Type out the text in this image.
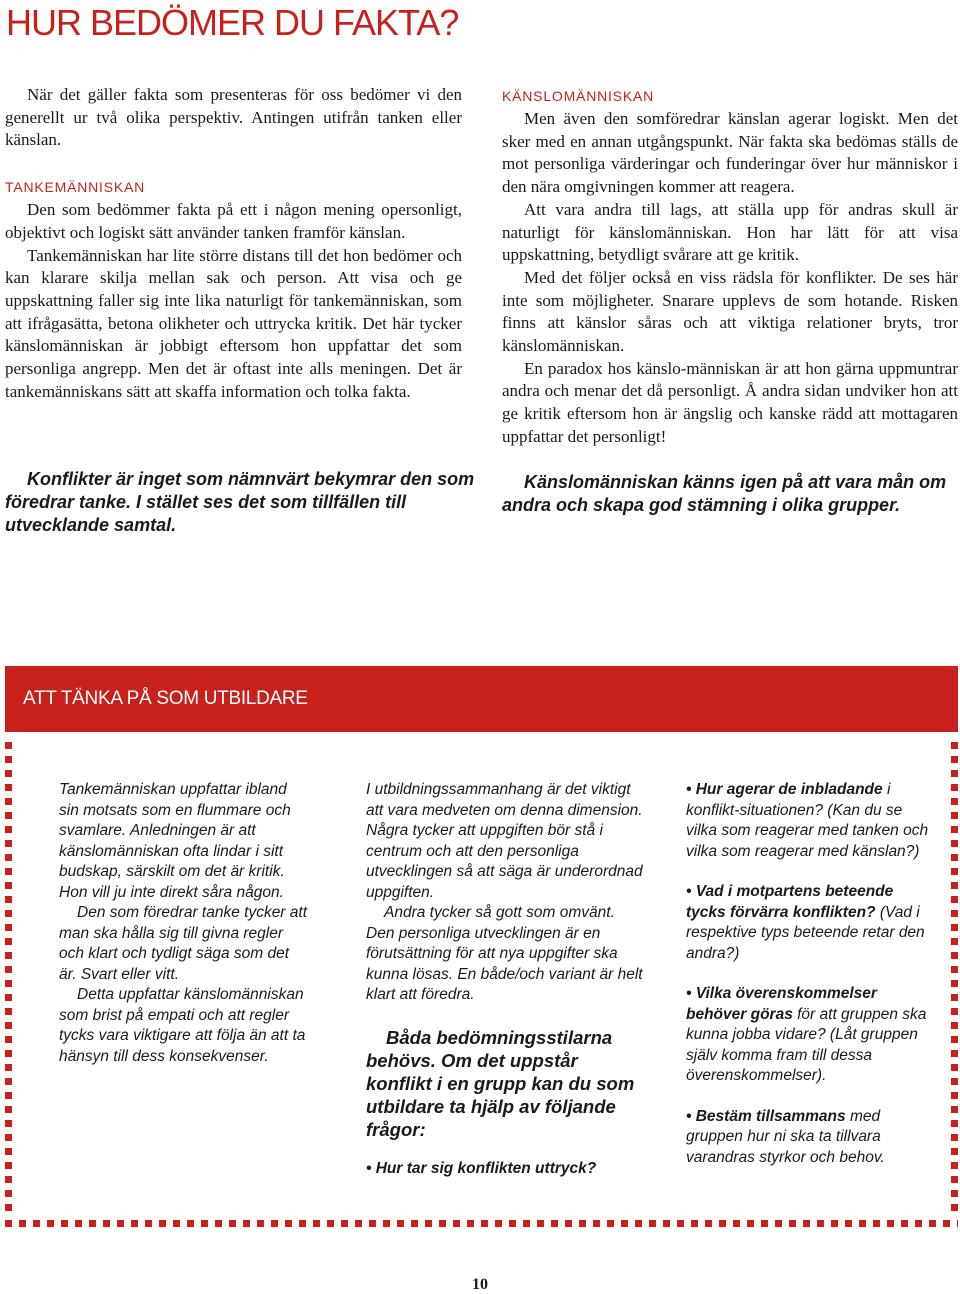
HUR BEDÖMER DU FAKTA?

När det gäller fakta som presenteras för oss bedömer vi den generellt ur två olika perspektiv. Antingen utifrån tanken eller känslan.

TANKEMÄNNISKAN

Den som bedömmer fakta på ett i någon mening opersonligt, objektivt och logiskt sätt använder tanken framför känslan.

Tankemänniskan har lite större distans till det hon bedömer och kan klarare skilja mellan sak och person. Att visa och ge uppskattning faller sig inte lika naturligt för tankemänniskan, som att ifrågasätta, betona olikheter och uttrycka kritik. Det här tycker känslomänniskan är jobbigt eftersom hon uppfattar det som personliga angrepp. Men det är oftast inte alls meningen. Det är tankemänniskans sätt att skaffa information och tolka fakta.

Konflikter är inget som nämnvärt bekymrar den som föredrar tanke. I stället ses det som tillfällen till utvecklande samtal.

KÄNSLOMÄNNISKAN

Men även den somföredrar känslan agerar logiskt. Men det sker med en annan utgångspunkt. När fakta ska bedömas ställs de mot personliga värderingar och funderingar över hur människor i den nära omgivningen kommer att reagera.

Att vara andra till lags, att ställa upp för andras skull är naturligt för känslomänniskan. Hon har lätt för att visa uppskattning, betydligt svårare att ge kritik.

Med det följer också en viss rädsla för konflikter. De ses här inte som möjligheter. Snarare upplevs de som hotande. Risken finns att känslor såras och att viktiga relationer bryts, tror känslomänniskan.

En paradox hos känslo-människan är att hon gärna uppmuntrar andra och menar det då personligt. Å andra sidan undviker hon att ge kritik eftersom hon är ängslig och kanske rädd att mottagaren uppfattar det personligt!

Känslomänniskan känns igen på att vara mån om andra och skapa god stämning i olika grupper.

ATT TÄNKA PÅ SOM UTBILDARE

Tankemänniskan uppfattar ibland sin motsats som en flummare och svamlare. Anledningen är att känslomänniskan ofta lindar i sitt budskap, särskilt om det är kritik. Hon vill ju inte direkt såra någon.

Den som föredrar tanke tycker att man ska hålla sig till givna regler och klart och tydligt säga som det är. Svart eller vitt.

Detta uppfattar känslomänniskan som brist på empati och att regler tycks vara viktigare att följa än att ta hänsyn till dess konsekvenser.

I utbildningssammanhang är det viktigt att vara medveten om denna dimension. Några tycker att uppgiften bör stå i centrum och att den personliga utvecklingen så att säga är underordnad uppgiften.

Andra tycker så gott som omvänt. Den personliga utvecklingen är en förutsättning för att nya uppgifter ska kunna lösas. En både/och variant är helt klart att föredra.

Båda bedömningsstilarna behövs. Om det uppstår konflikt i en grupp kan du som utbildare ta hjälp av följande frågor:

• Hur tar sig konflikten uttryck?

• Hur agerar de inbladande i konflikt-situationen? (Kan du se vilka som reagerar med tanken och vilka som reagerar med känslan?)

• Vad i motpartens beteende tycks förvärra konflikten? (Vad i respektive typs beteende retar den andra?)

• Vilka överenskommelser behöver göras för att gruppen ska kunna jobba vidare? (Låt gruppen själv komma fram till dessa överenskommelser).

• Bestäm tillsammans med gruppen hur ni ska ta tillvara varandras styrkor och behov.

10
